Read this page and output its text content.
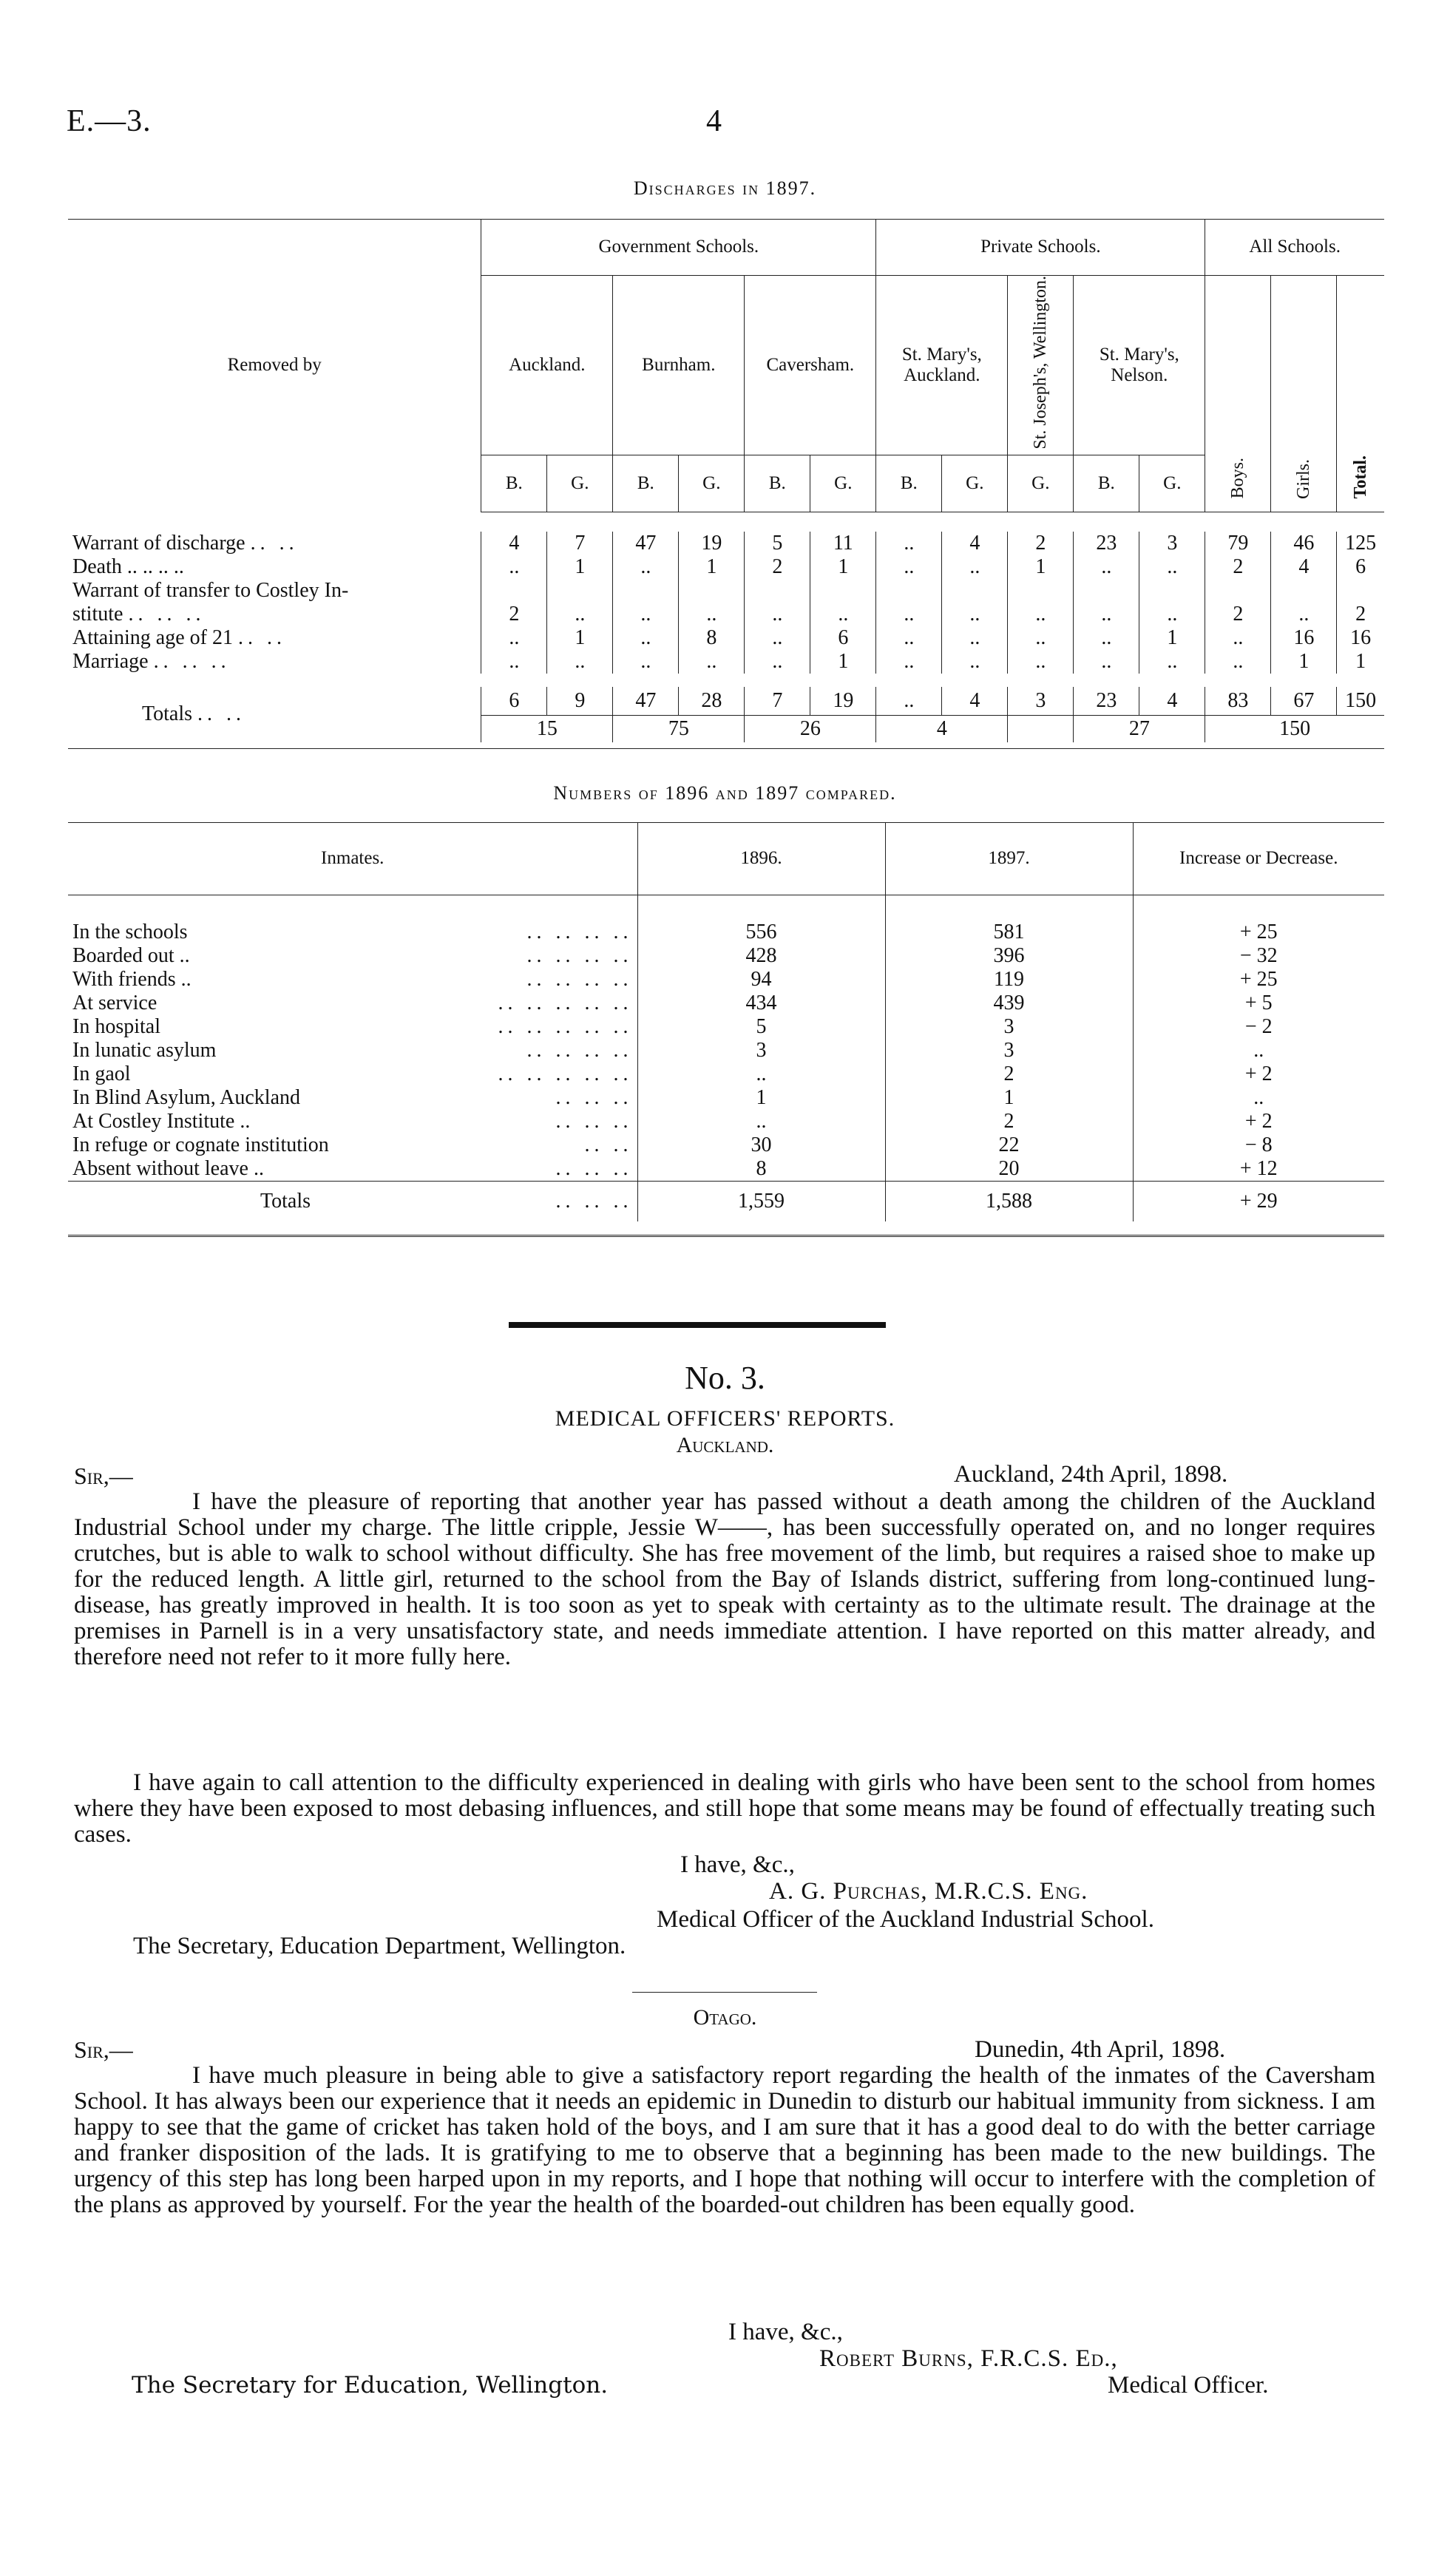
E.—3.	4
Discharges in 1897.
Removed by	Government Schools.						Private Schools.					All Schools.		
	Auckland.		Burnham.		Caversham.		St. Mary's, Auckland.		St. Joseph's, Wellington.	St. Mary's, Nelson.		Boys.	Girls.	Total.
	B.	G.	B.	G.	B.	G.	B.	G.	G.	B.	G.			

Warrant of discharge .. ..	4	7	47	19	5	11	..	4	2	23	3	79	46	125
Death .. .. .. ..	..	1	..	1	2	1	..	..	1	..	..	2	4	6
Warrant of transfer to Costley In-														
stitute .. .. ..	2	..	..	..	..	..	..	..	..	..	..	2	..	2
Attaining age of 21 .. ..	..	1	..	8	..	6	..	..	..	..	1	..	16	16
Marriage .. .. ..	..	..	..	..	..	1	..	..	..	..	..	..	1	1

Totals .. ..	6	9	47	28	7	19	..	4	3	23	4	83	67	150
	15		75		26		4			27		150		

Numbers of 1896 and 1897 compared.
Inmates.	1896.	1897.	Increase or Decrease.

In the schools .. .. .. ..	556	581	+ 25
Boarded out .. .. .. .. ..	428	396	− 32
With friends .. .. .. .. ..	94	119	+ 25
At service .. .. .. .. ..	434	439	+ 5
In hospital .. .. .. .. ..	5	3	− 2
In lunatic asylum .. .. .. ..	3	3	..
In gaol .. .. .. .. ..	..	2	+ 2
In Blind Asylum, Auckland .. .. ..	1	1	..
At Costley Institute .. .. .. ..	..	2	+ 2
In refuge or cognate institution .. ..	30	22	− 8
Absent without leave .. .. .. ..	8	20	+ 12
Totals .. .. ..	1,559	1,588	+ 29

No. 3.
MEDICAL OFFICERS' REPORTS.
Auckland.
Sir,—	Auckland, 24th April, 1898.
I have the pleasure of reporting that another year has passed without a death among the children of the Auckland Industrial School under my charge. The little cripple, Jessie W——, has been successfully operated on, and no longer requires crutches, but is able to walk to school without difficulty. She has free movement of the limb, but requires a raised shoe to make up for the reduced length. A little girl, returned to the school from the Bay of Islands district, suffering from long-continued lung-disease, has greatly improved in health. It is too soon as yet to speak with certainty as to the ultimate result. The drainage at the premises in Parnell is in a very unsatisfactory state, and needs immediate attention. I have reported on this matter already, and therefore need not refer to it more fully here.
I have again to call attention to the difficulty experienced in dealing with girls who have been sent to the school from homes where they have been exposed to most debasing influences, and still hope that some means may be found of effectually treating such cases.
I have, &c.,
A. G. Purchas, M.R.C.S. Eng.
Medical Officer of the Auckland Industrial School.
The Secretary, Education Department, Wellington.
Otago.
Sir,—	Dunedin, 4th April, 1898.
I have much pleasure in being able to give a satisfactory report regarding the health of the inmates of the Caversham School. It has always been our experience that it needs an epidemic in Dunedin to disturb our habitual immunity from sickness. I am happy to see that the game of cricket has taken hold of the boys, and I am sure that it has a good deal to do with the better carriage and franker disposition of the lads. It is gratifying to me to observe that a beginning has been made to the new buildings. The urgency of this step has long been harped upon in my reports, and I hope that nothing will occur to interfere with the completion of the plans as approved by yourself. For the year the health of the boarded-out children has been equally good.
I have, &c.,
Robert Burns, F.R.C.S. Ed.,
The Secretary for Education, Wellington.	Medical Officer.
